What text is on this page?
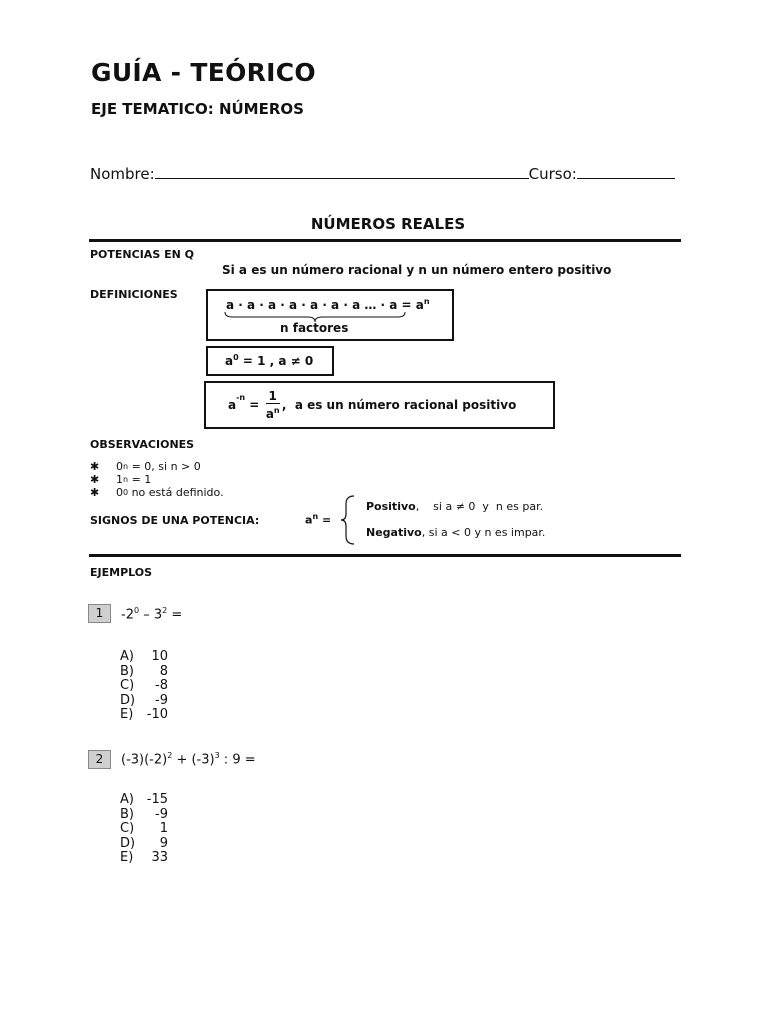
GUÍA - TEÓRICO
EJE TEMATICO: NÚMEROS
Nombre:	Curso:
NÚMEROS REALES
POTENCIAS EN Q
Si a es un número racional y n un número entero positivo
DEFINICIONES
a · a · a · a · a · a · a … · $a = a^n$
n factores
$a^0 = 1$ , a ≠ 0
a
-n
= $\frac{1}{a^n}$ ,  a es un número racional positivo
OBSERVACIONES
✱	0 n = 0, si n > 0
✱	1 n = 1
✱	0 0 no está definido.
SIGNOS DE UNA POTENCIA:	$a^n$ =
Positivo,    si a ≠ 0  y  n es par.
Negativo, si a < 0 y n es impar.
EJEMPLOS
1	$-2^0 - 3^2$ =
A)	10
B)	8
C)	-8
D)	-9
E)	-10
2	$(-3)(-2)^2 + (-3)^3$ : 9 =
A) -15
B)	-9
C)	1
D)	9
E)	33
